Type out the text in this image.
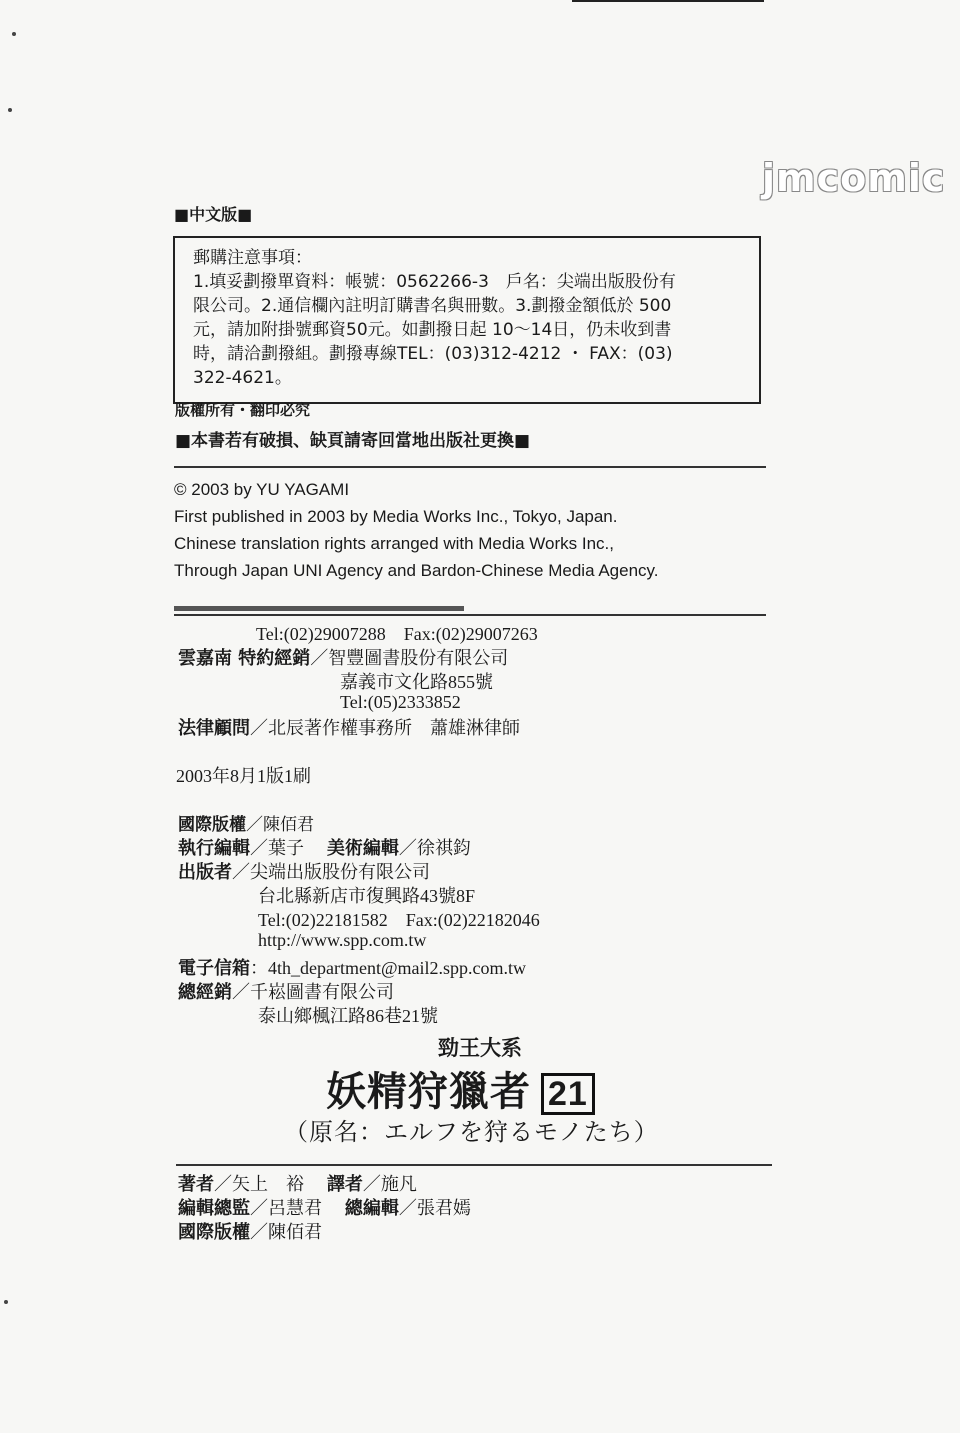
jmcomic
■中文版■
郵購注意事項：
1.填妥劃撥單資料：帳號：0562266-3　戶名：尖端出版股份有
限公司。2.通信欄內註明訂購書名與冊數。3.劃撥金額低於 500
元，請加附掛號郵資50元。如劃撥日起 10～14日，仍未收到書
時，請洽劃撥組。劃撥專線TEL：(03)312-4212 ・ FAX：(03)
322-4621。
版權所有・翻印必究
■本書若有破損、缺頁請寄回當地出版社更換■
© 2003 by YU YAGAMI
First published in 2003 by Media Works Inc., Tokyo, Japan.
Chinese translation rights arranged with Media Works Inc.,
Through Japan UNI Agency and Bardon-Chinese Media Agency.
Tel:(02)29007288　Fax:(02)29007263
雲嘉南 特約經銷／智豐圖書股份有限公司
嘉義市文化路855號
Tel:(05)2333852
法律顧問／北辰著作權事務所　蕭雄淋律師
2003年8月1版1刷
國際版權／陳佰君
執行編輯／葉子 美術編輯／徐祺鈞
出版者／尖端出版股份有限公司
台北縣新店市復興路43號8F
Tel:(02)22181582　Fax:(02)22182046
http://www.spp.com.tw
電子信箱：4th_department@mail2.spp.com.tw
總經銷／千崧圖書有限公司
泰山鄉楓江路86巷21號
勁王大系
妖精狩獵者 21
（原名：エルフを狩るモノたち）
著者／矢上　裕 譯者／施凡
編輯總監／呂慧君 總編輯／張君嫣
國際版權／陳佰君
